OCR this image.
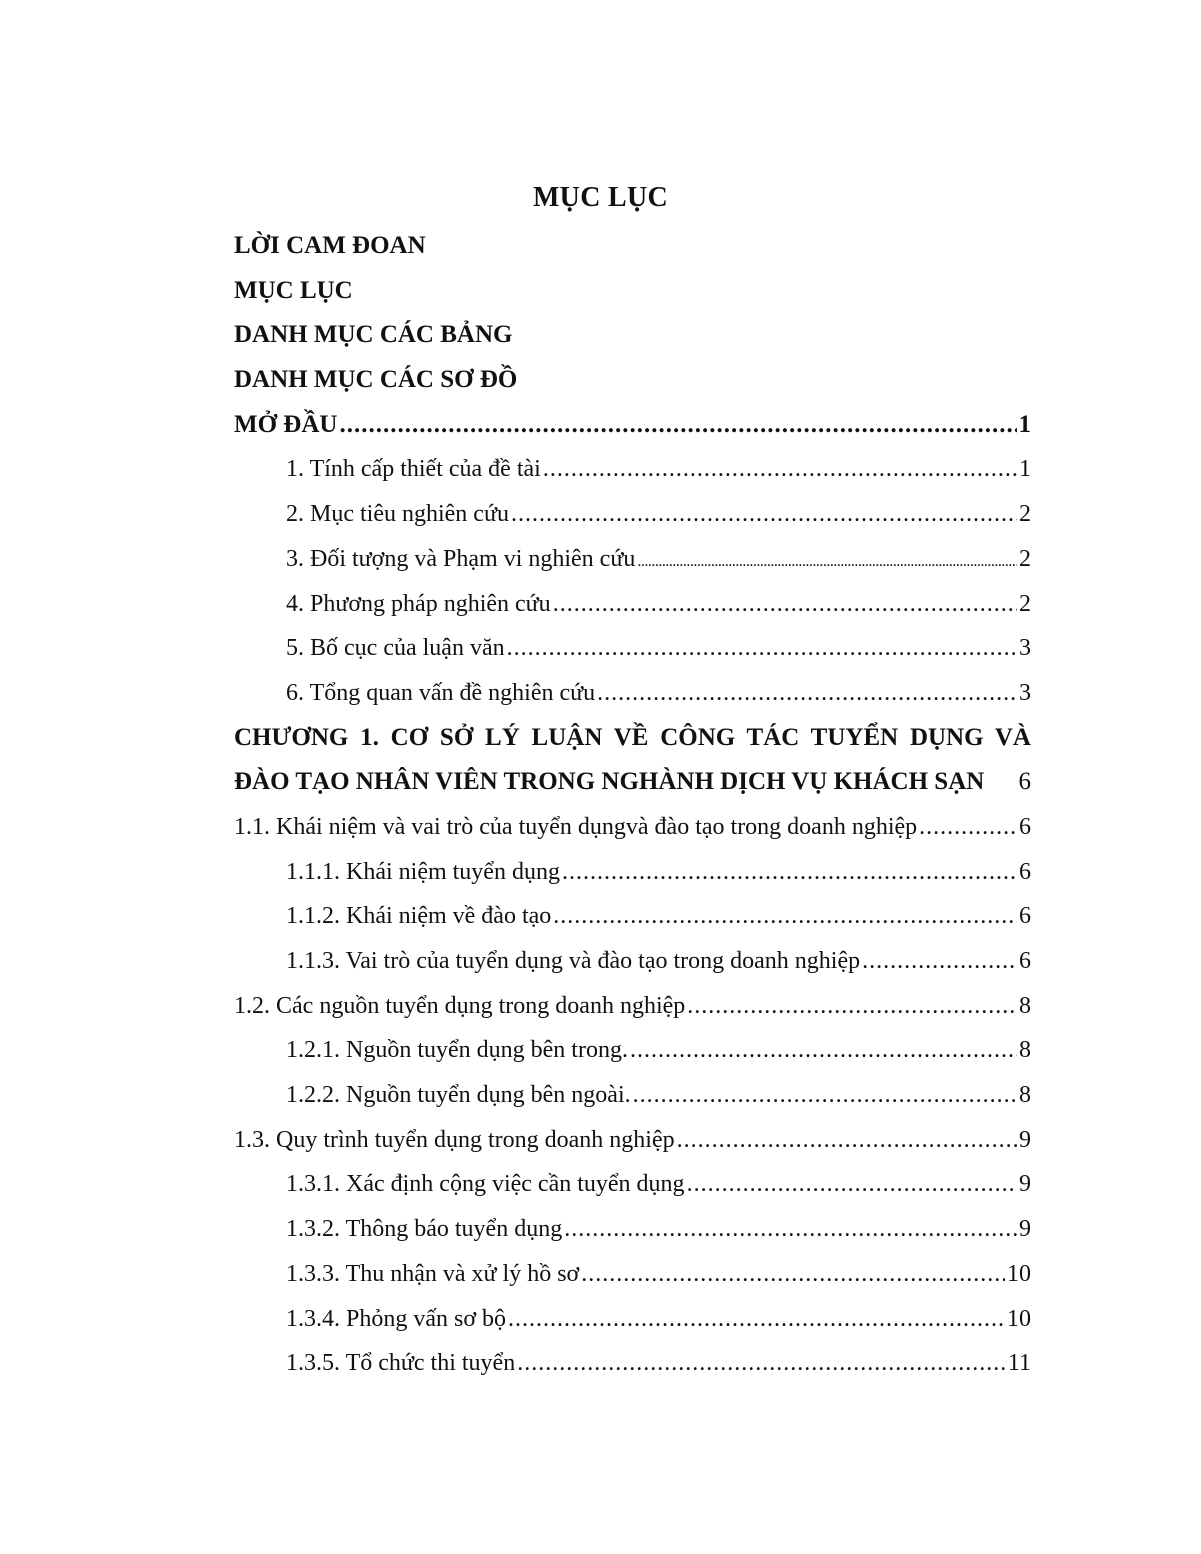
MỤC LỤC
LỜI CAM ĐOAN
MỤC LỤC
DANH MỤC CÁC BẢNG
DANH MỤC CÁC SƠ ĐỒ
MỞ ĐẦU .....	1
1. Tính cấp thiết của đề tài .....	1
2. Mục tiêu nghiên cứu .....	2
3. Đối tượng và Phạm vi nghiên cứu .....	2
4. Phương pháp nghiên cứu .....	2
5. Bố cục của luận văn .....	3
6. Tổng quan vấn đề nghiên cứu .....	3
CHƯƠNG 1. CƠ SỞ LÝ LUẬN VỀ CÔNG TÁC TUYỂN DỤNG VÀ
ĐÀO TẠO NHÂN VIÊN TRONG NGHÀNH DỊCH VỤ KHÁCH SẠN 6
1.1. Khái niệm và vai trò của tuyển dụngvà đào tạo trong doanh nghiệp .....	6
1.1.1. Khái niệm tuyển dụng .....	6
1.1.2. Khái niệm về đào tạo .....	6
1.1.3. Vai trò của tuyển dụng và đào tạo trong doanh nghiệp .....	6
1.2. Các nguồn tuyển dụng trong doanh nghiệp .....	8
1.2.1. Nguồn tuyển dụng bên trong. .....	8
1.2.2. Nguồn tuyển dụng bên ngoài. .....	8
1.3. Quy trình tuyển dụng trong doanh nghiệp .....	9
1.3.1. Xác định cộng việc cần tuyển dụng .....	9
1.3.2. Thông báo tuyển dụng .....	9
1.3.3. Thu nhận và xử lý hồ sơ .....	10
1.3.4. Phỏng vấn sơ bộ .....	10
1.3.5. Tổ chức thi tuyển .....	11
